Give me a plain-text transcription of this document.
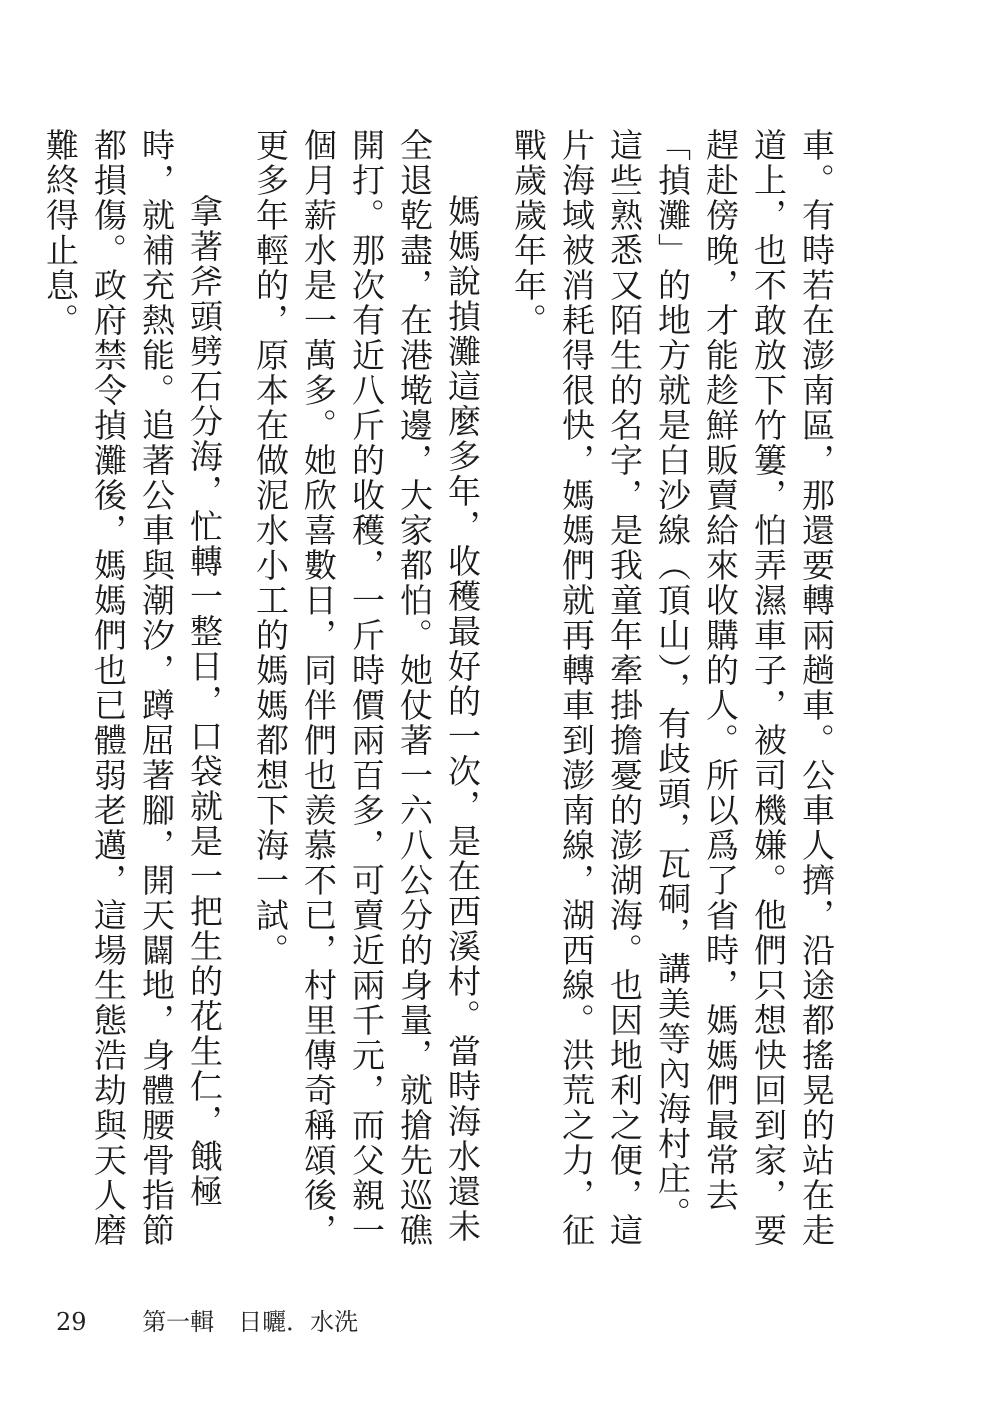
車。有時若在澎南區，那還要轉兩趟車。公車人擠，沿途都搖晃的站在走道上，也不敢放下竹簍，怕弄濕車子，被司機嫌。他們只想快回到家，要趕赴傍晚，才能趁鮮販賣給來收購的人。所以爲了省時，媽媽們最常去「揁灘」的地方就是白沙線（頂山），有歧頭，瓦硐，講美等內海村庄。這些熟悉又陌生的名字，是我童年牽掛擔憂的澎湖海。也因地利之便，這片海域被消耗得很快，媽媽們就再轉車到澎南線，湖西線。洪荒之力，征戰歲歲年年。

媽媽說揁灘這麼多年，收穫最好的一次，是在西溪村。當時海水還未全退乾盡，在港墘邊，大家都怕。她仗著一六八公分的身量，就搶先巡礁開打。那次有近八斤的收穫，一斤時價兩百多，可賣近兩千元，而父親一個月薪水是一萬多。她欣喜數日，同伴們也羨慕不已，村里傳奇稱頌後，更多年輕的，原本在做泥水小工的媽媽都想下海一試。

拿著斧頭劈石分海，忙轉一整日，口袋就是一把生的花生仁，餓極時，就補充熱能。追著公車與潮汐，蹲屈著腳，開天闢地，身體腰骨指節都損傷。政府禁令揁灘後，媽媽們也已體弱老邁，這場生態浩劫與天人磨難終得止息。

29 第一輯　日曬．水洗
